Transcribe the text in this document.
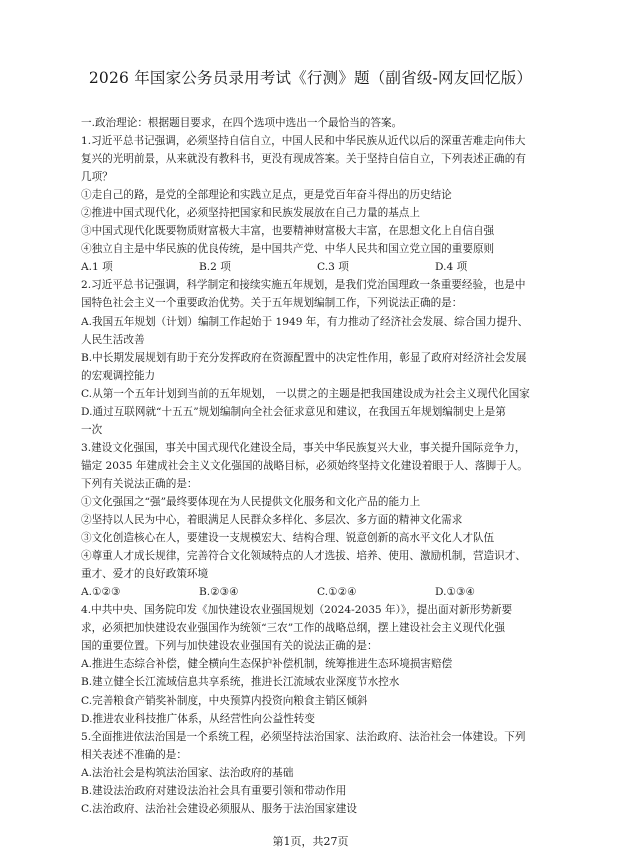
2026 年国家公务员录用考试《行测》题（副省级-网友回忆版）
一.政治理论：根据题目要求，在四个选项中选出一个最恰当的答案。
1.习近平总书记强调，必须坚持自信自立，中国人民和中华民族从近代以后的深重苦难走向伟大
复兴的光明前景，从来就没有教科书，更没有现成答案。关于坚持自信自立，下列表述正确的有
几项？
①走自己的路，是党的全部理论和实践立足点，更是党百年奋斗得出的历史结论
②推进中国式现代化，必须坚持把国家和民族发展放在自己力量的基点上
③中国式现代化既要物质财富极大丰富，也要精神财富极大丰富，在思想文化上自信自强
④独立自主是中华民族的优良传统，是中国共产党、中华人民共和国立党立国的重要原则
A.1 项	B.2 项	C.3 项	D.4 项
2.习近平总书记强调，科学制定和接续实施五年规划，是我们党治国理政一条重要经验，也是中
国特色社会主义一个重要政治优势。关于五年规划编制工作，下列说法正确的是：
A.我国五年规划（计划）编制工作起始于 1949 年，有力推动了经济社会发展、综合国力提升、
人民生活改善
B.中长期发展规划有助于充分发挥政府在资源配置中的决定性作用，彰显了政府对经济社会发展
的宏观调控能力
C.从第一个五年计划到当前的五年规划， 一以贯之的主题是把我国建设成为社会主义现代化国家
D.通过互联网就“十五五”规划编制向全社会征求意见和建议，在我国五年规划编制史上是第
一次
3.建设文化强国，事关中国式现代化建设全局，事关中华民族复兴大业，事关提升国际竞争力，
锚定 2035 年建成社会主义文化强国的战略目标，必须始终坚持文化建设着眼于人、落脚于人。
下列有关说法正确的是：
①文化强国之“强”最终要体现在为人民提供文化服务和文化产品的能力上
②坚持以人民为中心，着眼满足人民群众多样化、多层次、多方面的精神文化需求
③文化创造核心在人，要建设一支规模宏大、结构合理、锐意创新的高水平文化人才队伍
④尊重人才成长规律，完善符合文化领域特点的人才选拔、培养、使用、激励机制，营造识才、
重才、爱才的良好政策环境
A.①②③	B.②③④	C.①②④	D.①③④
4.中共中央、国务院印发《加快建设农业强国规划（2024-2035 年）》，提出面对新形势新要
求，必须把加快建设农业强国作为统领“三农”工作的战略总纲，摆上建设社会主义现代化强
国的重要位置。下列与加快建设农业强国有关的说法正确的是：
A.推进生态综合补偿，健全横向生态保护补偿机制，统筹推进生态环境损害赔偿
B.建立健全长江流域信息共享系统，推进长江流域农业深度节水控水
C.完善粮食产销奖补制度，中央预算内投资向粮食主销区倾斜
D.推进农业科技推广体系，从经营性向公益性转变
5.全面推进依法治国是一个系统工程，必须坚持法治国家、法治政府、法治社会一体建设。下列
相关表述不准确的是：
A.法治社会是构筑法治国家、法治政府的基础
B.建设法治政府对建设法治社会具有重要引领和带动作用
C.法治政府、法治社会建设必须服从、服务于法治国家建设
第1页，共27页
